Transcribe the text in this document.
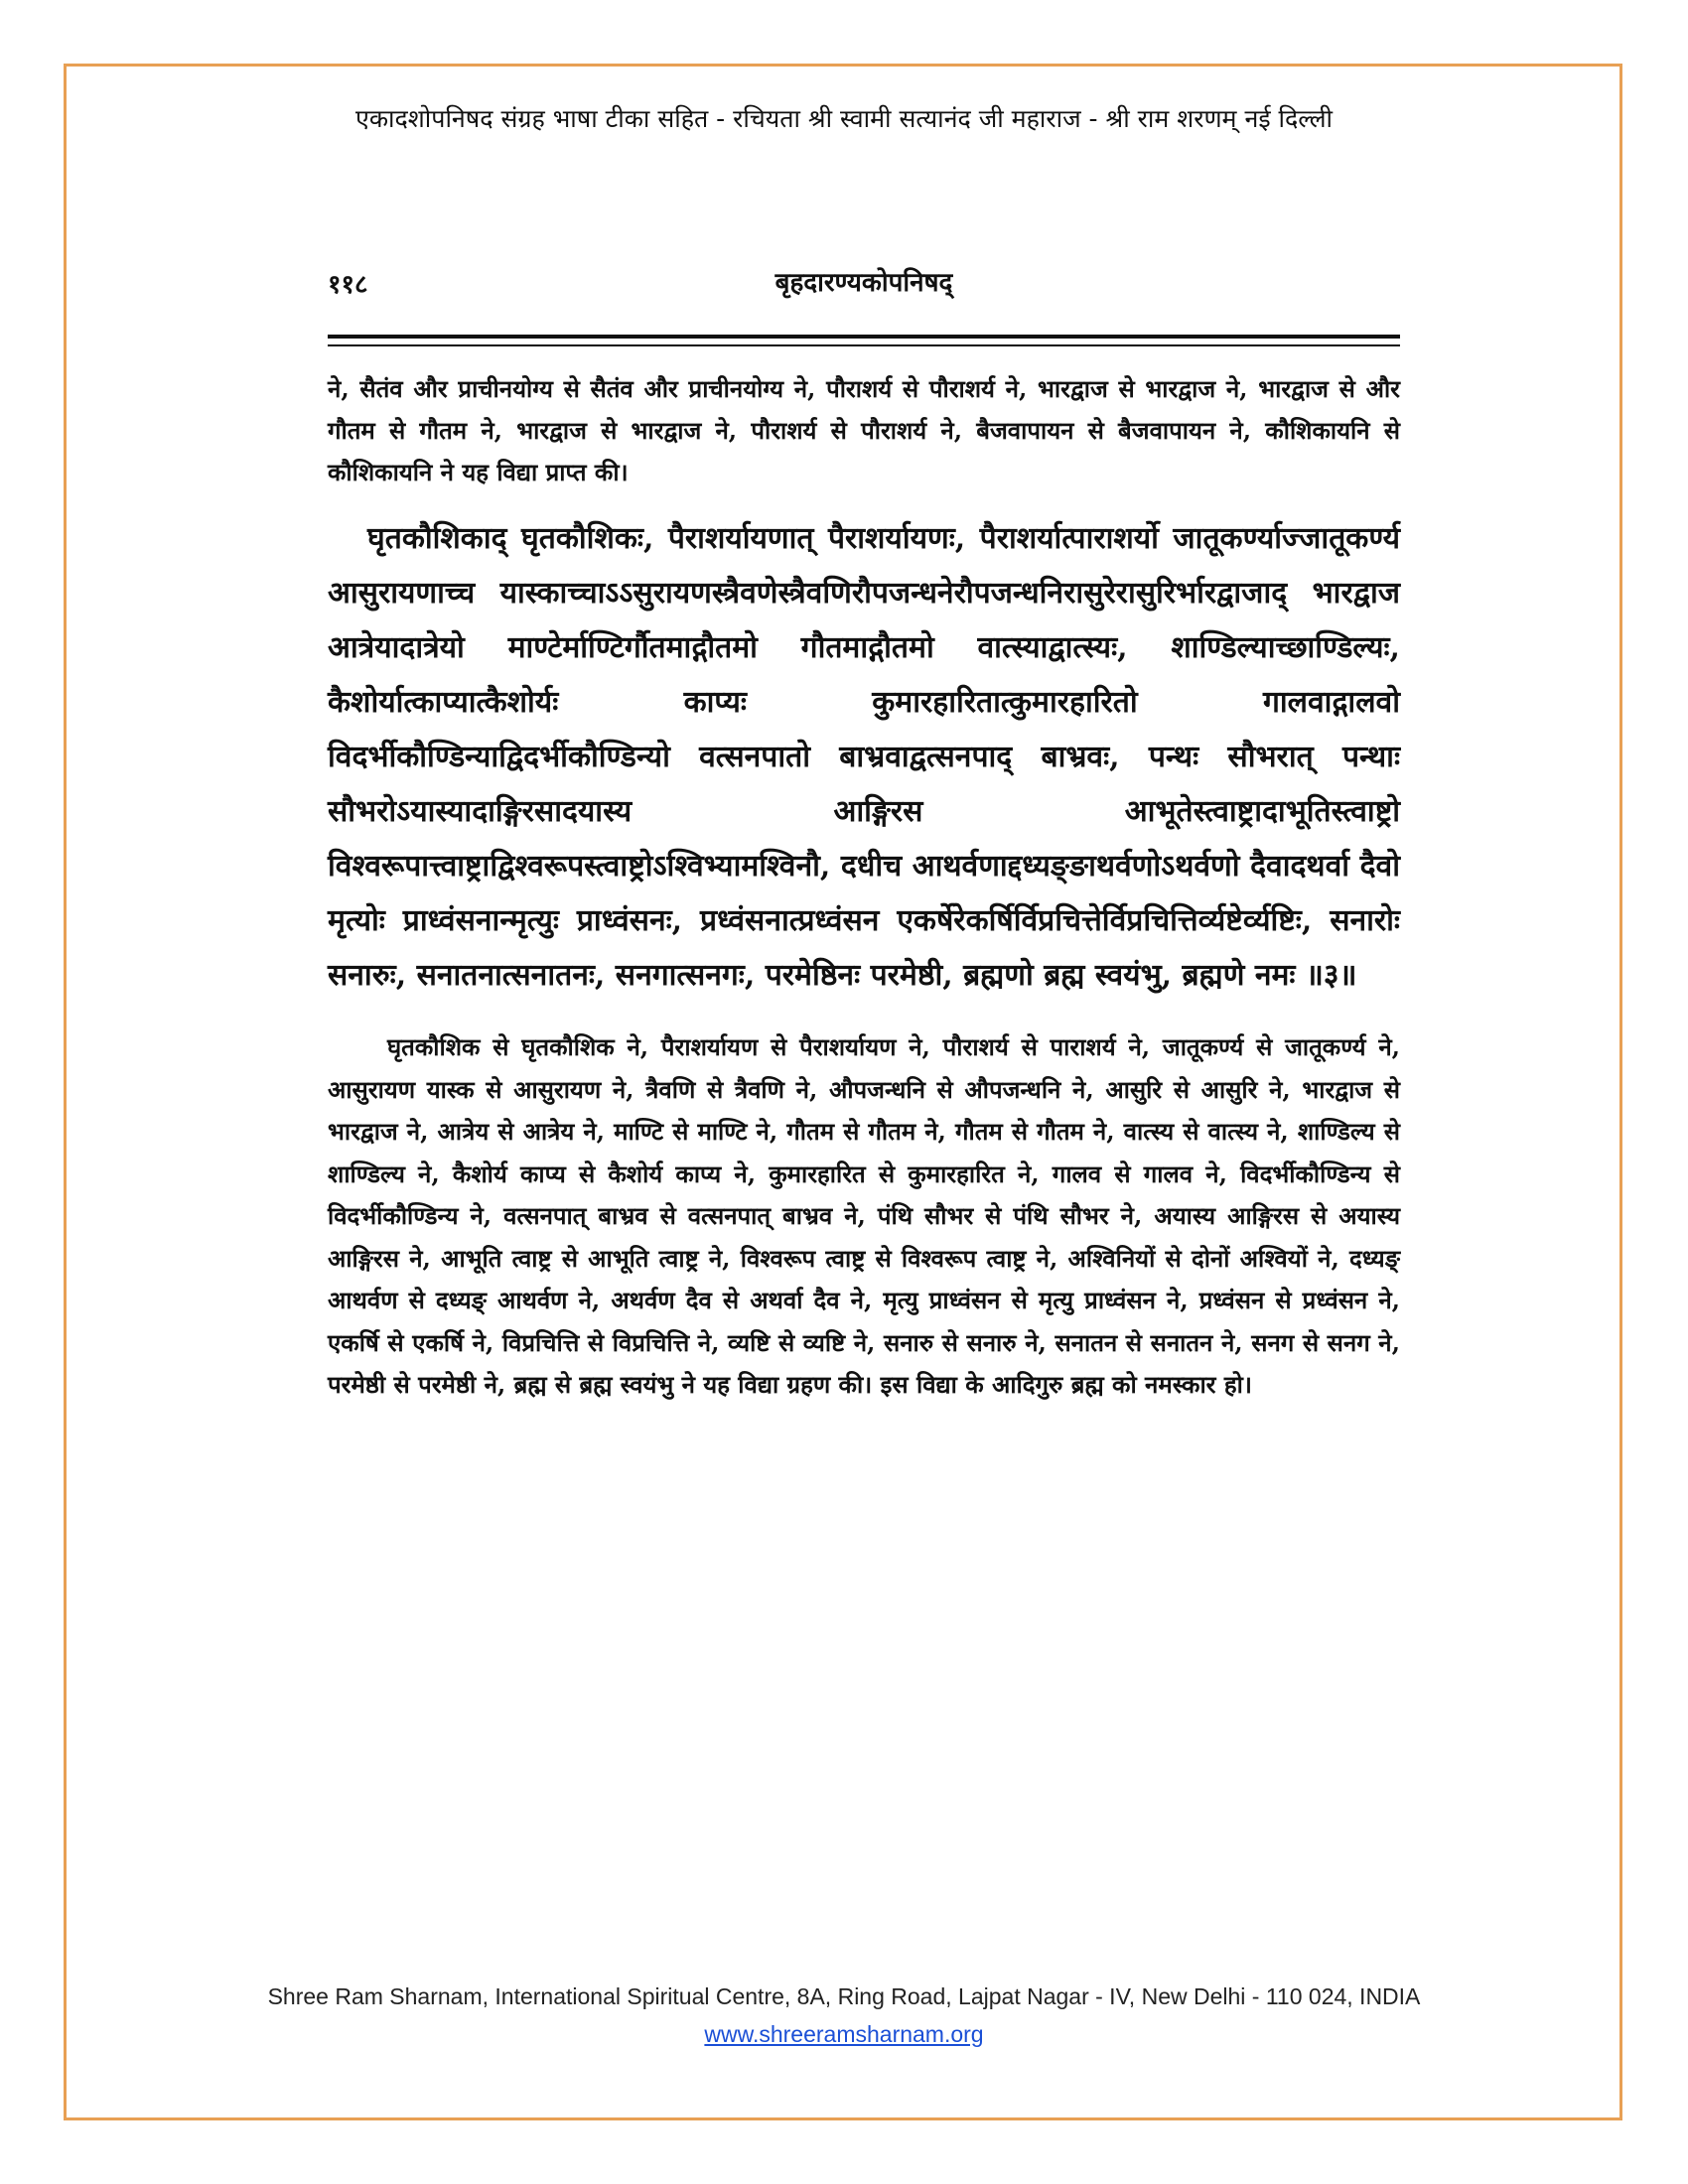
एकादशोपनिषद संग्रह भाषा टीका सहित - रचियता श्री स्वामी सत्यानंद जी महाराज - श्री राम शरणम् नई दिल्ली
११८	बृहदारण्यकोपनिषद्

ने, सैतंव और प्राचीनयोग्य से सैतंव और प्राचीनयोग्य ने, पौराशर्य से पौराशर्य ने, भारद्वाज से भारद्वाज ने, भारद्वाज से और गौतम से गौतम ने, भारद्वाज से भारद्वाज ने, पौराशर्य से पौराशर्य ने, बैजवापायन से बैजवापायन ने, कौशिकायनि से कौशिकायनि ने यह विद्या प्राप्त की।

घृतकौशिकाद् घृतकौशिकः, पैराशर्यायणात् पैराशर्यायणः, पैराशर्यात्पाराशर्यो जातूकर्ण्याज्जातूकर्ण्य आसुरायणाच्च यास्काच्चाऽऽसुरायणस्त्रैवणेस्त्रैवणिरौपजन्धनेरौपजन्धनिरासुरेरासुरिर्भारद्वाजाद् भारद्वाज आत्रेयादात्रेयो माण्टेर्माण्टिर्गौतमाद्गौतमो गौतमाद्गौतमो वात्स्याद्वात्स्यः, शाण्डिल्याच्छाण्डिल्यः, कैशोर्यात्काप्यात्कैशोर्यः काप्यः कुमारहारितात्कुमारहारितो गालवाद्गालवो विदर्भीकौण्डिन्याद्विदर्भीकौण्डिन्यो वत्सनपातो बाभ्रवाद्वत्सनपाद् बाभ्रवः, पन्थः सौभरात् पन्थाः सौभरोऽयास्यादाङ्गिरसादयास्य आङ्गिरस आभूतेस्त्वाष्ट्रादाभूतिस्त्वाष्ट्रो विश्वरूपात्त्वाष्ट्राद्विश्वरूपस्त्वाष्ट्रोऽश्विभ्यामश्विनौ, दधीच आथर्वणाद्दध्यङ्ङाथर्वणोऽथर्वणो दैवादथर्वा दैवो मृत्योः प्राध्वंसनान्मृत्युः प्राध्वंसनः, प्रध्वंसनात्प्रध्वंसन एकर्षेरेकर्षिर्विप्रचित्तेर्विप्रचित्तिर्व्यष्टेर्व्यष्टिः, सनारोः सनारुः, सनातनात्सनातनः, सनगात्सनगः, परमेष्ठिनः परमेष्ठी, ब्रह्मणो ब्रह्म स्वयंभु, ब्रह्मणे नमः ॥३॥

घृतकौशिक से घृतकौशिक ने, पैराशर्यायण से पैराशर्यायण ने, पौराशर्य से पाराशर्य ने, जातूकर्ण्य से जातूकर्ण्य ने, आसुरायण यास्क से आसुरायण ने, त्रैवणि से त्रैवणि ने, औपजन्धनि से औपजन्धनि ने, आसुरि से आसुरि ने, भारद्वाज से भारद्वाज ने, आत्रेय से आत्रेय ने, माण्टि से माण्टि ने, गौतम से गौतम ने, गौतम से गौतम ने, वात्स्य से वात्स्य ने, शाण्डिल्य से शाण्डिल्य ने, कैशोर्य काप्य से कैशोर्य काप्य ने, कुमारहारित से कुमारहारित ने, गालव से गालव ने, विदर्भीकौण्डिन्य से विदर्भीकौण्डिन्य ने, वत्सनपात् बाभ्रव से वत्सनपात् बाभ्रव ने, पंथि सौभर से पंथि सौभर ने, अयास्य आङ्गिरस से अयास्य आङ्गिरस ने, आभूति त्वाष्ट्र से आभूति त्वाष्ट्र ने, विश्वरूप त्वाष्ट्र से विश्वरूप त्वाष्ट्र ने, अश्विनियों से दोनों अश्वियों ने, दध्यङ् आथर्वण से दध्यङ् आथर्वण ने, अथर्वण दैव से अथर्वा दैव ने, मृत्यु प्राध्वंसन से मृत्यु प्राध्वंसन ने, प्रध्वंसन से प्रध्वंसन ने, एकर्षि से एकर्षि ने, विप्रचित्ति से विप्रचित्ति ने, व्यष्टि से व्यष्टि ने, सनारु से सनारु ने, सनातन से सनातन ने, सनग से सनग ने, परमेष्ठी से परमेष्ठी ने, ब्रह्म से ब्रह्म स्वयंभु ने यह विद्या ग्रहण की। इस विद्या के आदिगुरु ब्रह्म को नमस्कार हो।

Shree Ram Sharnam, International Spiritual Centre, 8A, Ring Road, Lajpat Nagar - IV, New Delhi - 110 024, INDIA
www.shreeramsharnam.org
